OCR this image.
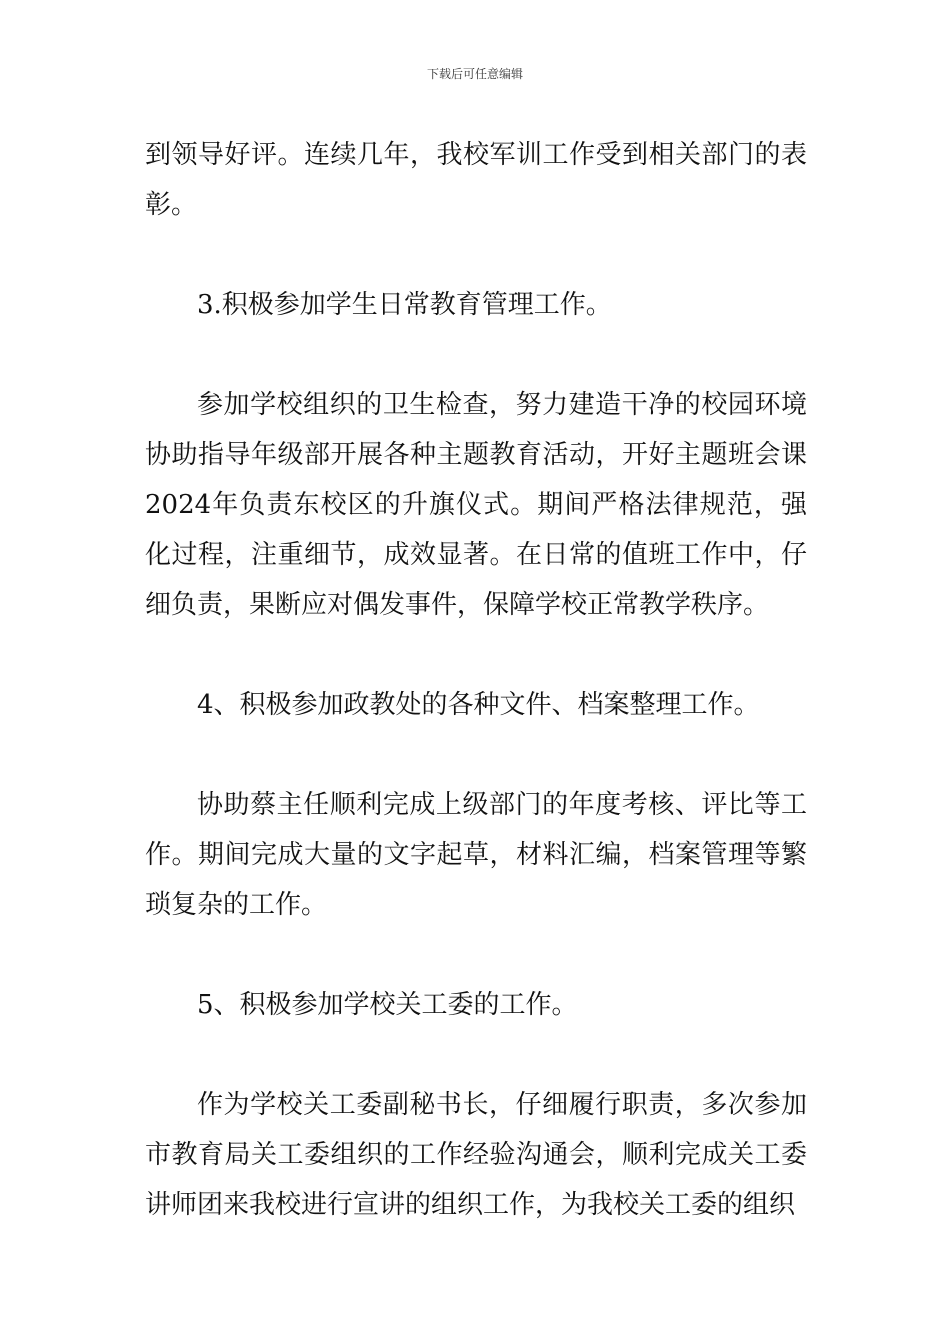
下载后可任意编辑

到领导好评。连续几年，我校军训工作受到相关部门的表彰。

3.积极参加学生日常教育管理工作。

参加学校组织的卫生检查，努力建造干净的校园环境协助指导年级部开展各种主题教育活动，开好主题班会课2024年负责东校区的升旗仪式。期间严格法律规范，强化过程，注重细节，成效显著。在日常的值班工作中，仔细负责，果断应对偶发事件，保障学校正常教学秩序。

4、积极参加政教处的各种文件、档案整理工作。

协助蔡主任顺利完成上级部门的年度考核、评比等工作。期间完成大量的文字起草，材料汇编，档案管理等繁琐复杂的工作。

5、积极参加学校关工委的工作。

作为学校关工委副秘书长，仔细履行职责，多次参加市教育局关工委组织的工作经验沟通会，顺利完成关工委讲师团来我校进行宣讲的组织工作，为我校关工委的组织
